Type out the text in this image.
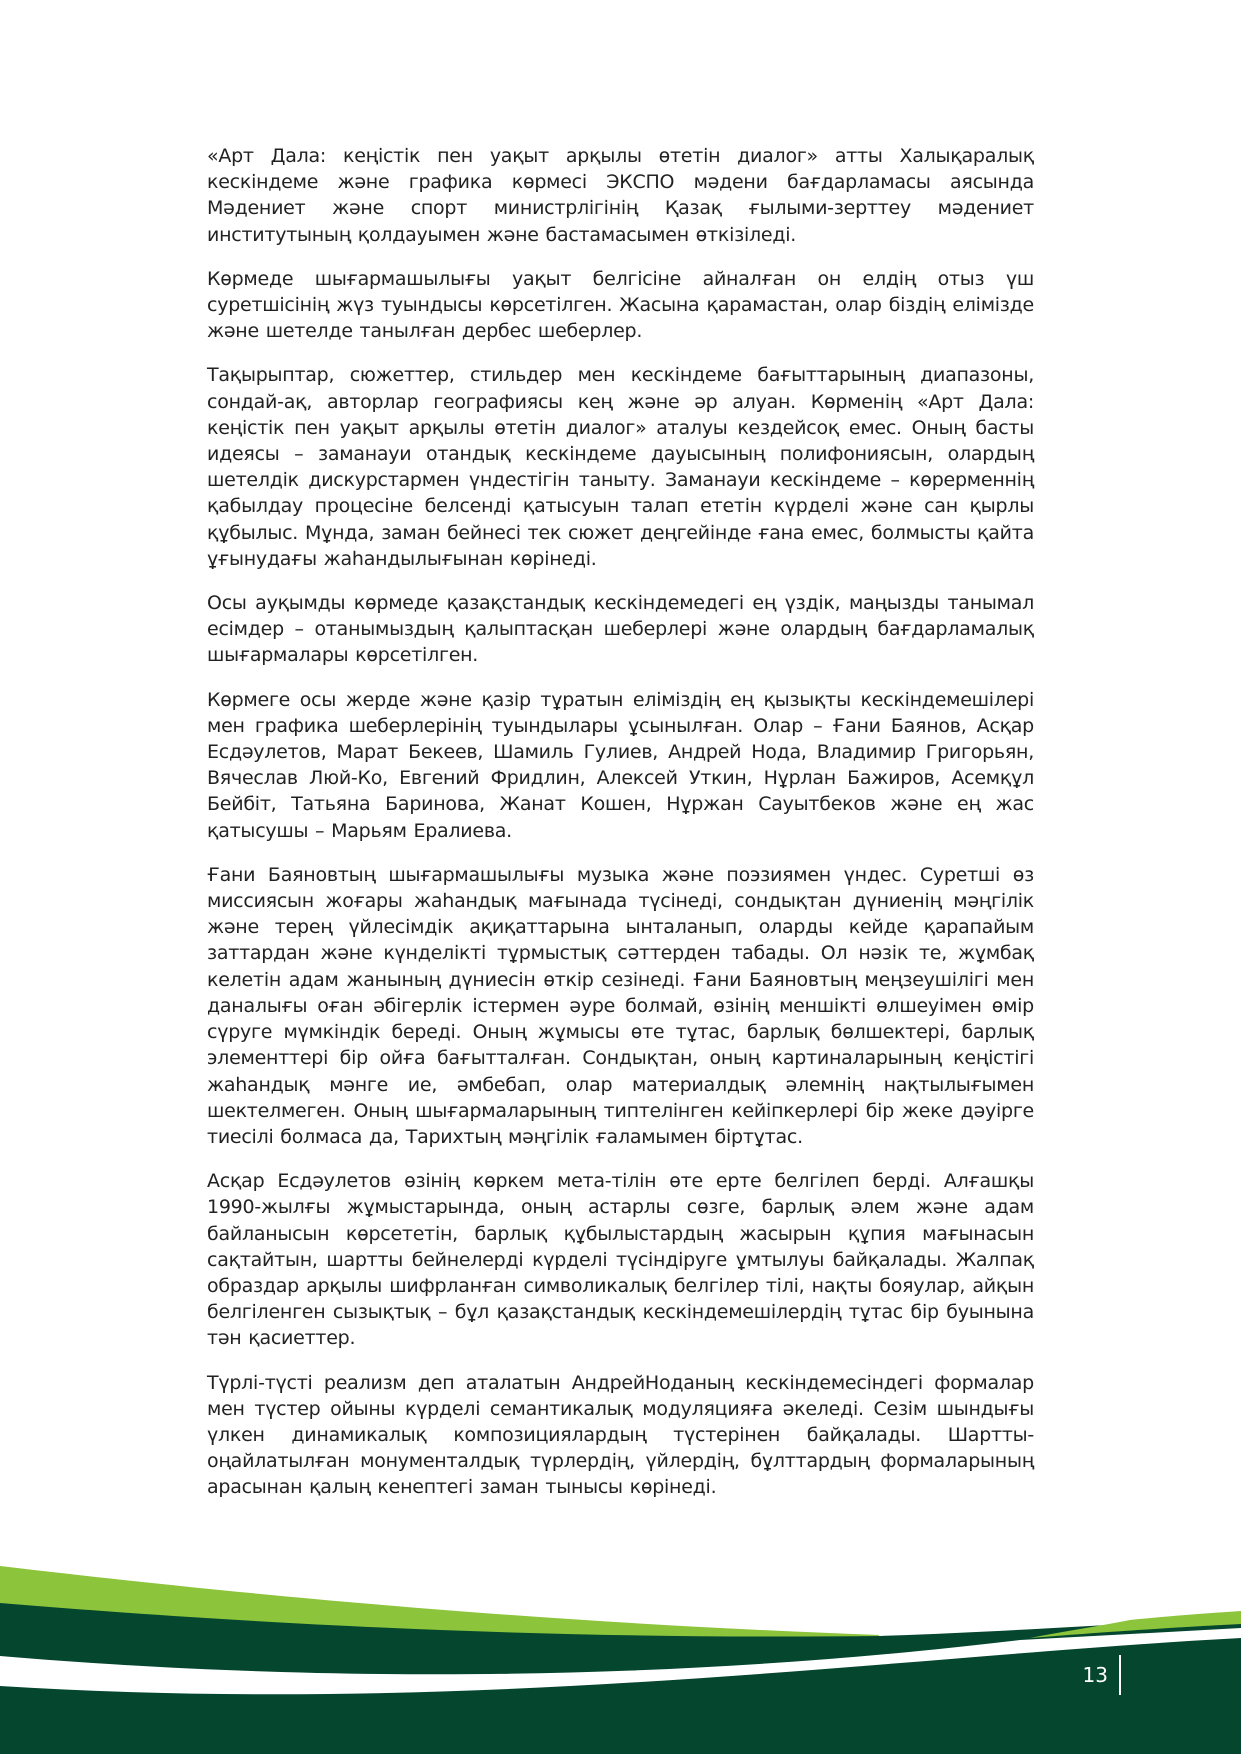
«Арт Дала: кеңістік пен уақыт арқылы өтетін диалог» атты Халықаралық кескіндеме және графика көрмесі ЭКСПО мәдени бағдарламасы аясында Мәдениет және спорт министрлігінің Қазақ ғылыми-зерттеу мәдениет институтының қолдауымен және бастамасымен өткізіледі.

Көрмеде шығармашылығы уақыт белгісіне айналған он елдің отыз үш суретшісінің жүз туындысы көрсетілген. Жасына қарамастан, олар біздің елімізде және шетелде танылған дербес шеберлер.

Тақырыптар, сюжеттер, стильдер мен кескіндеме бағыттарының диапазоны, сондай-ақ, авторлар географиясы кең және әр алуан. Көрменің «Арт Дала: кеңістік пен уақыт арқылы өтетін диалог» аталуы кездейсоқ емес. Оның басты идеясы – заманауи отандық кескіндеме дауысының полифониясын, олардың шетелдік дискурстармен үндестігін таныту. Заманауи кескіндеме – көрерменнің қабылдау процесіне белсенді қатысуын талап ететін күрделі және сан қырлы құбылыс. Мұнда, заман бейнесі тек сюжет деңгейінде ғана емес, болмысты қайта ұғынудағы жаһандылығынан көрінеді.

Осы ауқымды көрмеде қазақстандық кескіндемедегі ең үздік, маңызды танымал есімдер – отанымыздың қалыптасқан шеберлері және олардың бағдарламалық шығармалары көрсетілген.

Көрмеге осы жерде және қазір тұратын еліміздің ең қызықты кескіндемешілері мен графика шеберлерінің туындылары ұсынылған. Олар – Ғани Баянов, Асқар Есдәулетов, Марат Бекеев, Шамиль Гулиев, Андрей Нода, Владимир Григорьян, Вячеслав Люй-Ко, Евгений Фридлин, Алексей Уткин, Нұрлан Бажиров, Асемқұл Бейбіт, Татьяна Баринова, Жанат Кошен, Нұржан Сауытбеков және ең жас қатысушы – Марьям Ералиева.

Ғани Баяновтың шығармашылығы музыка және поэзиямен үндес. Суретші өз миссиясын жоғары жаһандық мағынада түсінеді, сондықтан дүниенің мәңгілік және терең үйлесімдік ақиқаттарына ынталанып, оларды кейде қарапайым заттардан және күнделікті тұрмыстық сәттерден табады. Ол нәзік те, жұмбақ келетін адам жанының дүниесін өткір сезінеді. Ғани Баяновтың меңзеушілігі мен даналығы оған әбігерлік істермен әуре болмай, өзінің меншікті өлшеуімен өмір сүруге мүмкіндік береді. Оның жұмысы өте тұтас, барлық бөлшектері, барлық элементтері бір ойға бағытталған. Сондықтан, оның картиналарының кеңістігі жаһандық мәнге ие, әмбебап, олар материалдық әлемнің нақтылығымен шектелмеген. Оның шығармаларының типтелінген кейіпкерлері бір жеке дәуірге тиесілі болмаса да, Тарихтың мәңгілік ғаламымен біртұтас.

Асқар Есдәулетов өзінің көркем мета-тілін өте ерте белгілеп берді. Алғашқы 1990-жылғы жұмыстарында, оның астарлы сөзге, барлық әлем және адам байланысын көрсететін, барлық құбылыстардың жасырын құпия мағынасын сақтайтын, шартты бейнелерді күрделі түсіндіруге ұмтылуы байқалады. Жалпақ образдар арқылы шифрланған символикалық белгілер тілі, нақты бояулар, айқын белгіленген сызықтық – бұл қазақстандық кескіндемешілердің тұтас бір буынына тән қасиеттер.

Түрлі-түсті реализм деп аталатын АндрейНоданың кескіндемесіндегі формалар мен түстер ойыны күрделі семантикалық модуляцияға әкеледі. Сезім шындығы үлкен динамикалық композициялардың түстерінен байқалады. Шартты-оңайлатылған монументалдық түрлердің, үйлердің, бұлттардың формаларының арасынан қалың кенептегі заман тынысы көрінеді.

13
